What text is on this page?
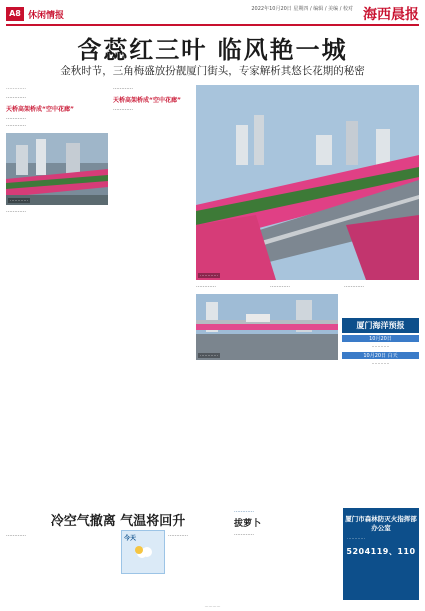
A8 休闲情报
2022年10月20日 星期四 / 编辑 / 美编 / 校对 海西晨报
含蕊红三叶 临风艳一城
金秋时节，三角梅盛放扮靓厦门街头，专家解析其悠长花期的秘密
…………
…………
天桥高架桥成“空中花廊”
…………
…………
…………
…………
…………
天桥高架桥成“空中花廊”
…………
…………
…………	…………	…………
…………
厦门海洋预报
10月20日
…………
10月20日 白天
…………
冷空气撤离 气温将回升
…………	…………
今天
…………
拔萝卜
…………
厦门市森林防灭火指挥部办公室
…………
5204119、110
…………
